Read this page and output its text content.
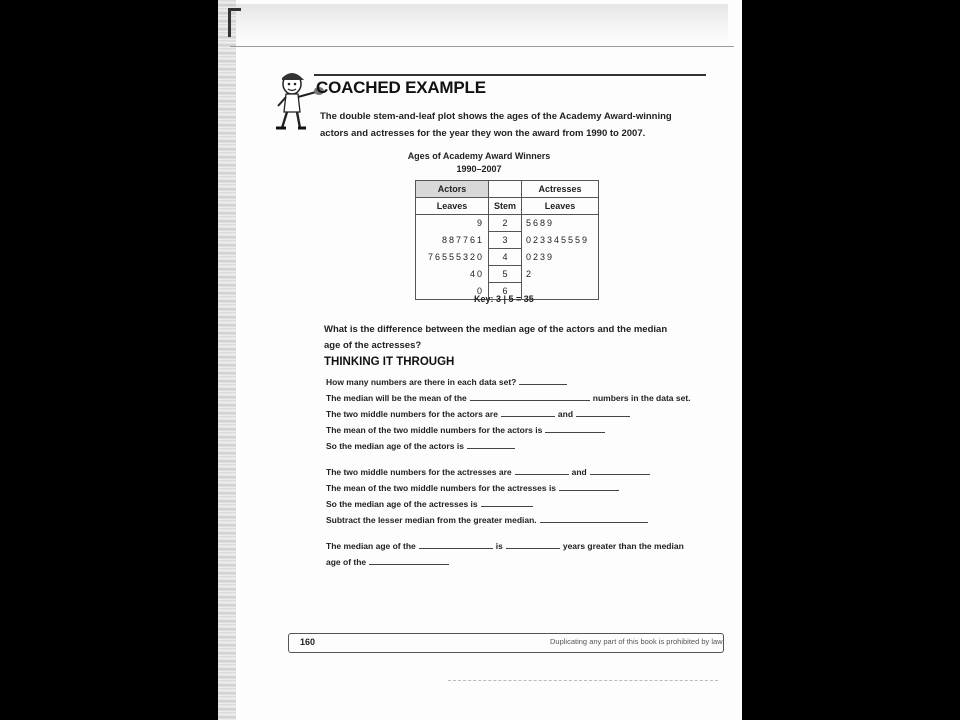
COACHED EXAMPLE

The double stem-and-leaf plot shows the ages of the Academy Award-winning actors and actresses for the year they won the award from 1990 to 2007.

Ages of Academy Award Winners
1990–2007
Actors		Actresses
Leaves	Stem	Leaves
9	2	5689
887761	3	023345559
76555320	4	0239
40	5	2
0	6	
Key: 3 | 5 = 35

What is the difference between the median age of the actors and the median age of the actresses?

THINKING IT THROUGH
How many numbers are there in each data set?
The median will be the mean of the	numbers in the data set.
The two middle numbers for the actors are	and
The mean of the two middle numbers for the actors is
So the median age of the actors is
The two middle numbers for the actresses are	and
The mean of the two middle numbers for the actresses is
So the median age of the actresses is
Subtract the lesser median from the greater median.
The median age of the	is	years greater than the median
age of the
160	Duplicating any part of this book is prohibited by law.
